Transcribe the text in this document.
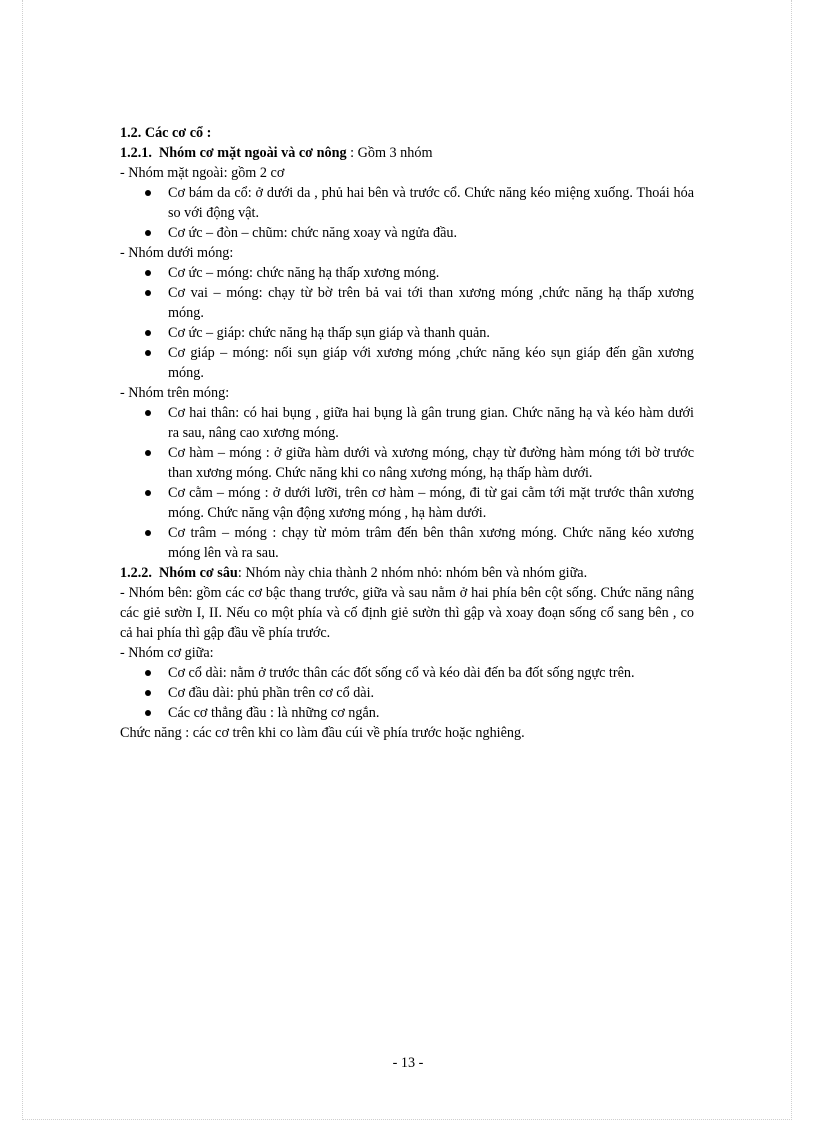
1.2. Các cơ cổ :
1.2.1. Nhóm cơ mặt ngoài và cơ nông : Gồm 3 nhóm
- Nhóm mặt ngoài: gồm 2 cơ
Cơ bám da cổ: ở dưới da , phủ hai bên và trước cổ. Chức năng kéo miệng xuống. Thoái hóa so với động vật.
Cơ ức – đòn – chũm: chức năng xoay và ngửa đầu.
- Nhóm dưới móng:
Cơ ức – móng: chức năng hạ thấp xương móng.
Cơ vai – móng: chạy từ bờ trên bả vai tới than xương móng ,chức năng hạ thấp xương móng.
Cơ ức – giáp: chức năng hạ thấp sụn giáp và thanh quản.
Cơ giáp – móng: nối sụn giáp với xương móng ,chức năng kéo sụn giáp đến gần xương móng.
- Nhóm trên móng:
Cơ hai thân: có hai bụng , giữa hai bụng là gân trung gian. Chức năng hạ và kéo hàm dưới ra sau, nâng cao xương móng.
Cơ hàm – móng : ở giữa hàm dưới và xương móng, chạy từ đường hàm móng tới bờ trước than xương móng. Chức năng khi co nâng xương móng, hạ thấp hàm dưới.
Cơ cằm – móng : ở dưới lưỡi, trên cơ hàm – móng, đi từ gai cằm tới mặt trước thân xương móng. Chức năng vận động xương móng , hạ hàm dưới.
Cơ trâm – móng : chạy từ mỏm trâm đến bên thân xương móng. Chức năng kéo xương móng lên và ra sau.
1.2.2. Nhóm cơ sâu: Nhóm này chia thành 2 nhóm nhỏ: nhóm bên và nhóm giữa.
- Nhóm bên: gồm các cơ bậc thang trước, giữa và sau nằm ở hai phía bên cột sống. Chức năng nâng các giẻ sườn I, II. Nếu co một phía và cố định giẻ sườn thì gập và xoay đoạn sống cổ sang bên , co cả hai phía thì gập đầu về phía trước.
- Nhóm cơ giữa:
Cơ cổ dài: nằm ở trước thân các đốt sống cổ và kéo dài đến ba đốt sống ngực trên.
Cơ đầu dài: phủ phần trên cơ cổ dài.
Các cơ thẳng đầu : là những cơ ngắn.
Chức năng : các cơ trên khi co làm đầu cúi về phía trước hoặc nghiêng.
- 13 -
